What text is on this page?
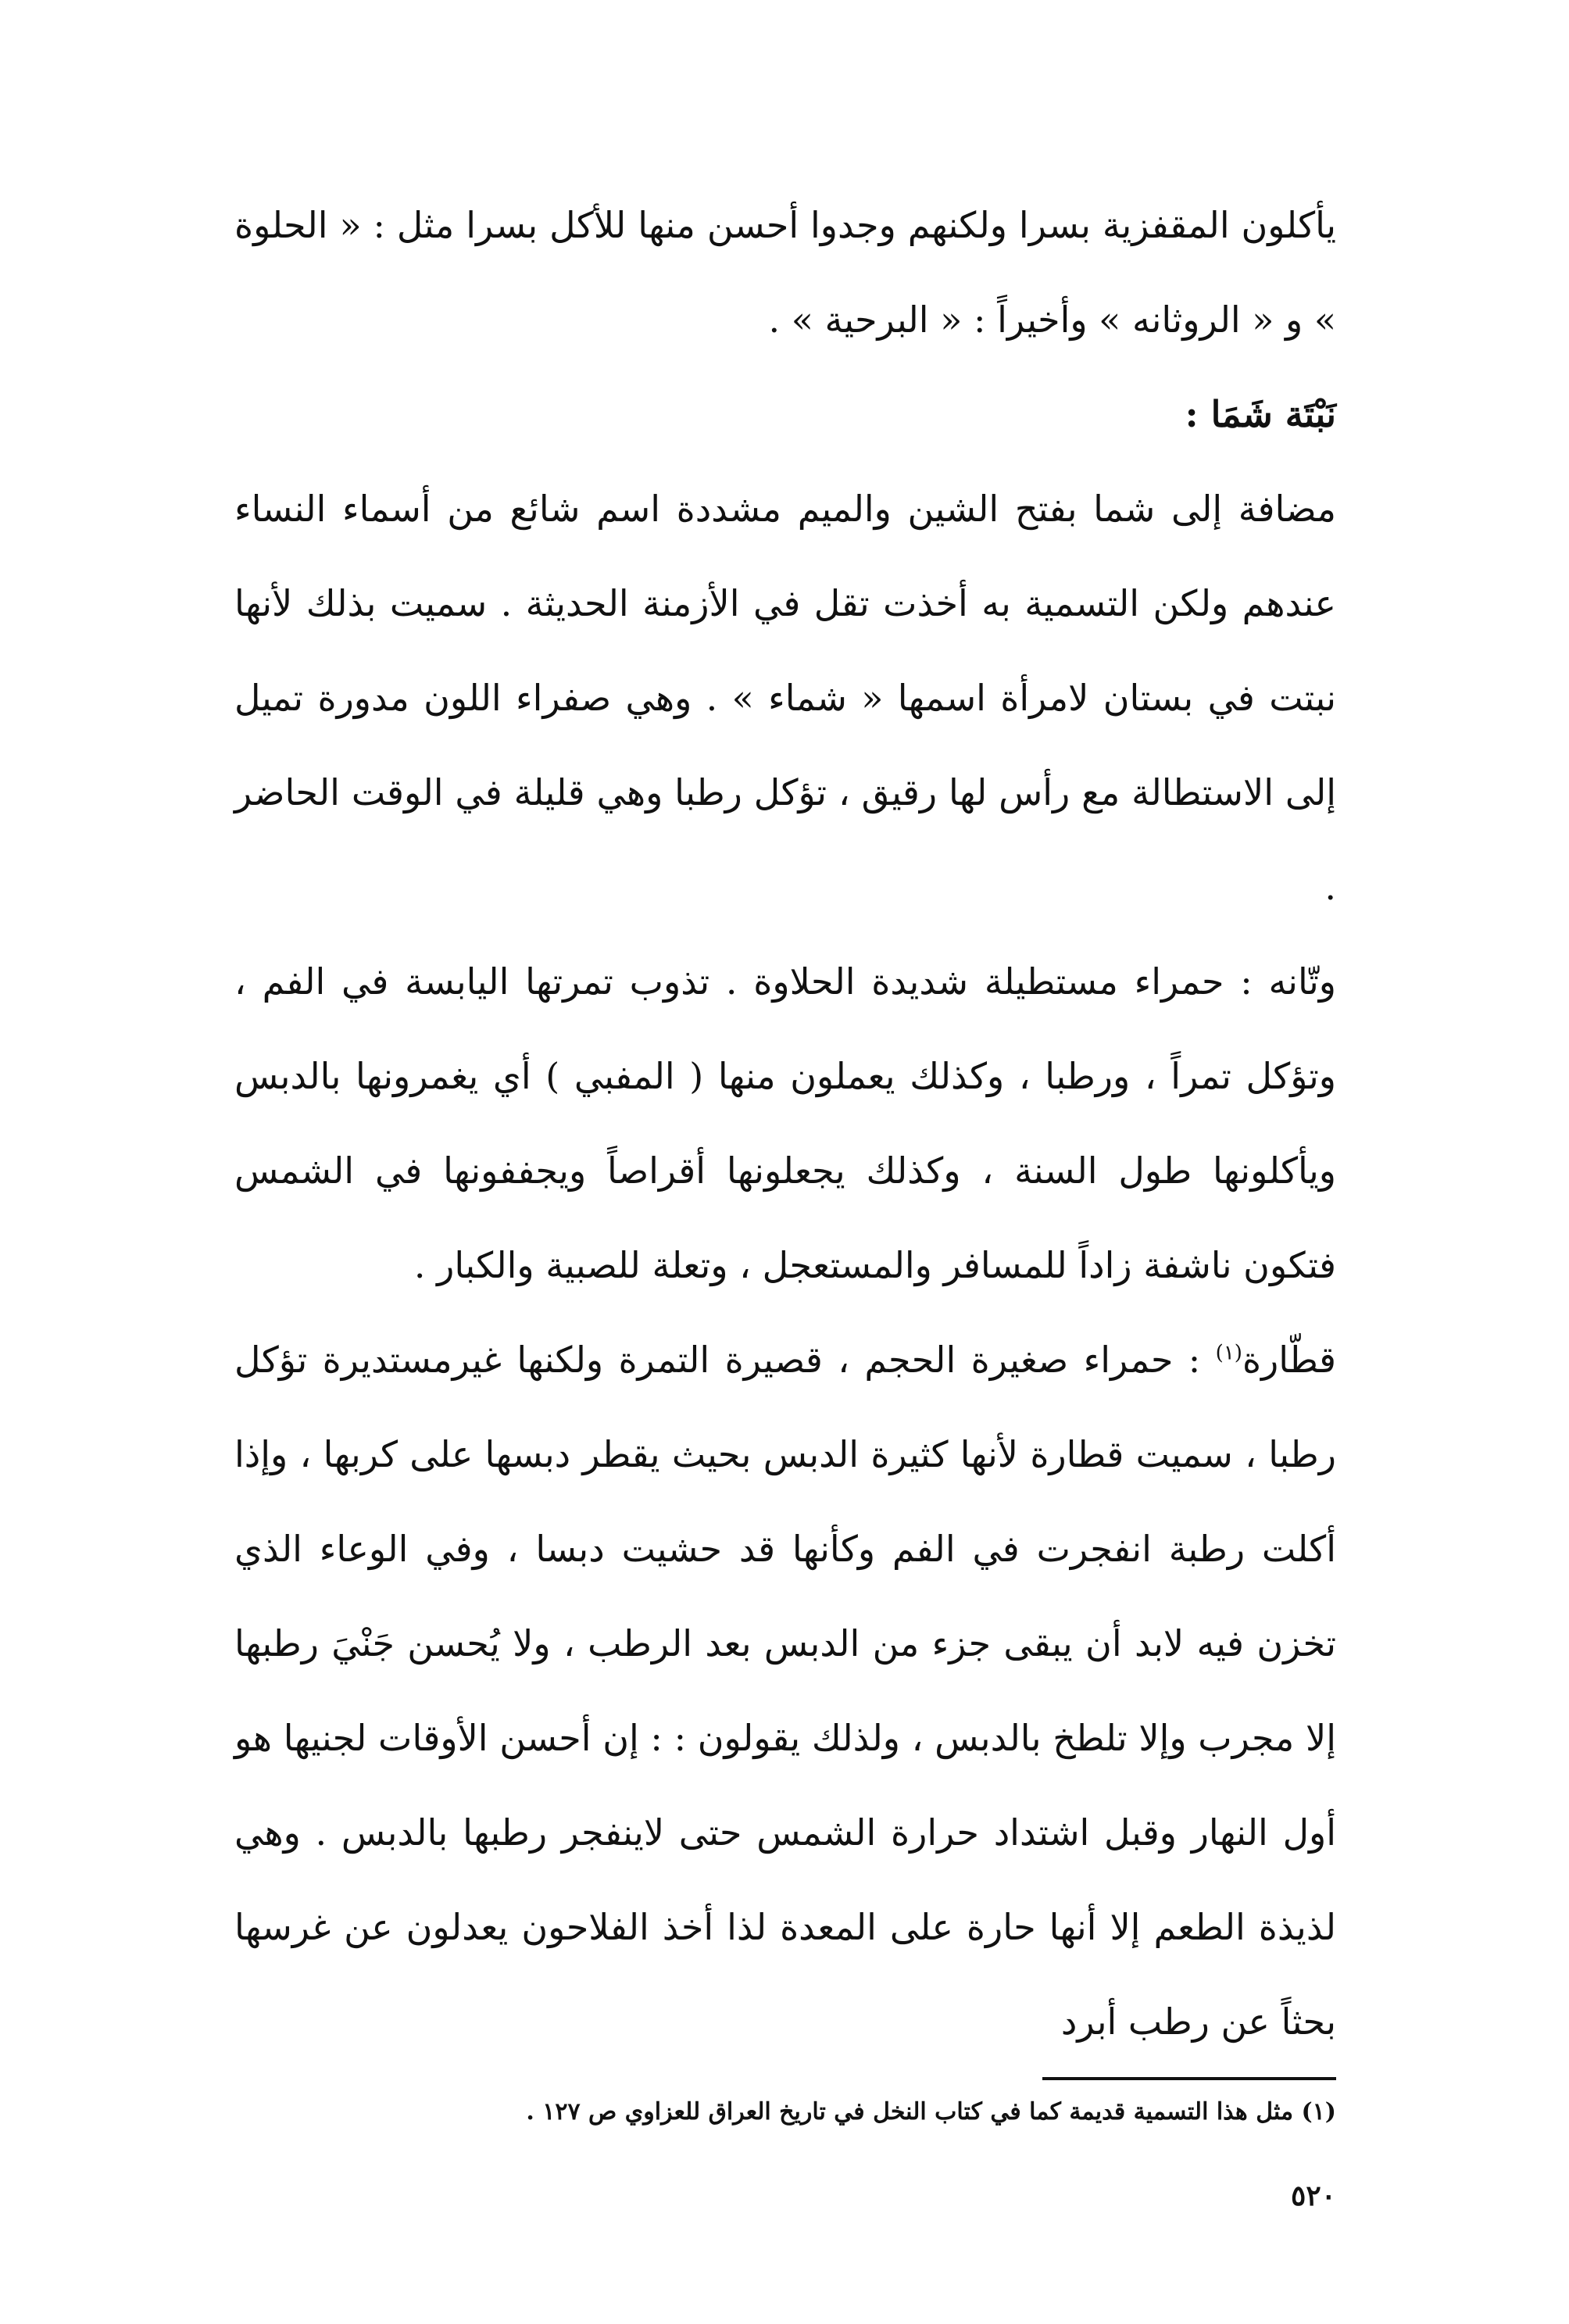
يأكلون المقفزية بسرا ولكنهم وجدوا أحسن منها للأكل بسرا مثل : « الحلوة » و « الروثانه » وأخيراً : « البرحية » .

نَبْتَة شَمَا :

مضافة إلى شما بفتح الشين والميم مشددة اسم شائع من أسماء النساء عندهم ولكن التسمية به أخذت تقل في الأزمنة الحديثة . سميت بذلك لأنها نبتت في بستان لامرأة اسمها « شماء » . وهي صفراء اللون مدورة تميل إلى الاستطالة مع رأس لها رقيق ، تؤكل رطبا وهي قليلة في الوقت الحاضر .

وتّانه : حمراء مستطيلة شديدة الحلاوة . تذوب تمرتها اليابسة في الفم ، وتؤكل تمراً ، ورطبا ، وكذلك يعملون منها ( المفبي ) أي يغمرونها بالدبس ويأكلونها طول السنة ، وكذلك يجعلونها أقراصاً ويجففونها في الشمس فتكون ناشفة زاداً للمسافر والمستعجل ، وتعلة للصبية والكبار .

قطّارة$^{(١)}$ : حمراء صغيرة الحجم ، قصيرة التمرة ولكنها غيرمستديرة تؤكل رطبا ، سميت قطارة لأنها كثيرة الدبس بحيث يقطر دبسها على كربها ، وإذا أكلت رطبة انفجرت في الفم وكأنها قد حشيت دبسا ، وفي الوعاء الذي تخزن فيه لابد أن يبقى جزء من الدبس بعد الرطب ، ولا يُحسن جَنْيَ رطبها إلا مجرب وإلا تلطخ بالدبس ، ولذلك يقولون : : إن أحسن الأوقات لجنيها هو أول النهار وقبل اشتداد حرارة الشمس حتى لاينفجر رطبها بالدبس . وهي لذيذة الطعم إلا أنها حارة على المعدة لذا أخذ الفلاحون يعدلون عن غرسها بحثاً عن رطب أبرد

(١) مثل هذا التسمية قديمة كما في كتاب النخل في تاريخ العراق للعزاوي ص ١٢٧ .
٥٢٠
